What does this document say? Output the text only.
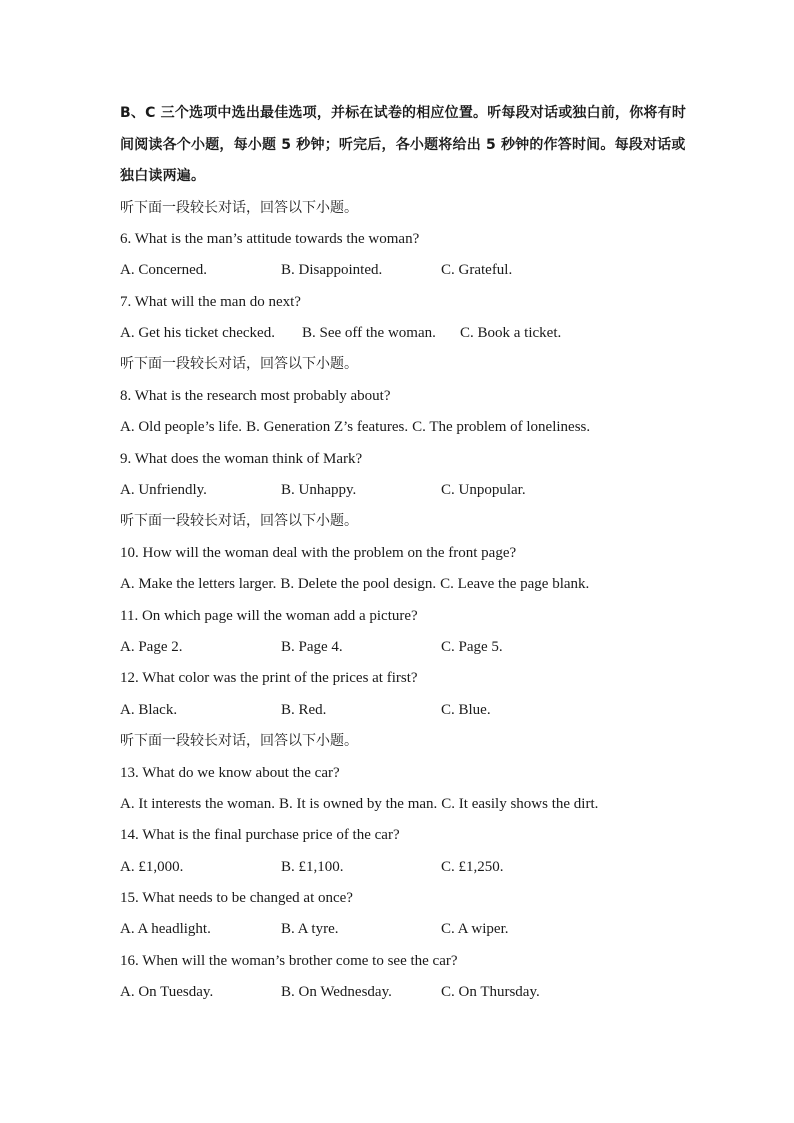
B、C 三个选项中选出最佳选项，并标在试卷的相应位置。听每段对话或独白前，你将有时间阅读各个小题，每小题 5 秒钟；听完后，各小题将给出 5 秒钟的作答时间。每段对话或独白读两遍。
听下面一段较长对话，回答以下小题。
6. What is the man’s attitude towards the woman?
A. Concerned.	B. Disappointed.	C. Grateful.
7. What will the man do next?
A. Get his ticket checked.	B. See off the woman.	C. Book a ticket.
听下面一段较长对话，回答以下小题。
8. What is the research most probably about?
A. Old people’s life. B. Generation Z’s features. C. The problem of loneliness.
9. What does the woman think of Mark?
A. Unfriendly.	B. Unhappy.	C. Unpopular.
听下面一段较长对话，回答以下小题。
10. How will the woman deal with the problem on the front page?
A. Make the letters larger. B. Delete the pool design. C. Leave the page blank.
11. On which page will the woman add a picture?
A. Page 2.	B. Page 4.	C. Page 5.
12. What color was the print of the prices at first?
A. Black.	B. Red.	C. Blue.
听下面一段较长对话，回答以下小题。
13. What do we know about the car?
A. It interests the woman. B. It is owned by the man. C. It easily shows the dirt.
14. What is the final purchase price of the car?
A. £1,000.	B. £1,100.	C. £1,250.
15. What needs to be changed at once?
A. A headlight.	B. A tyre.	C. A wiper.
16. When will the woman’s brother come to see the car?
A. On Tuesday.	B. On Wednesday.	C. On Thursday.
